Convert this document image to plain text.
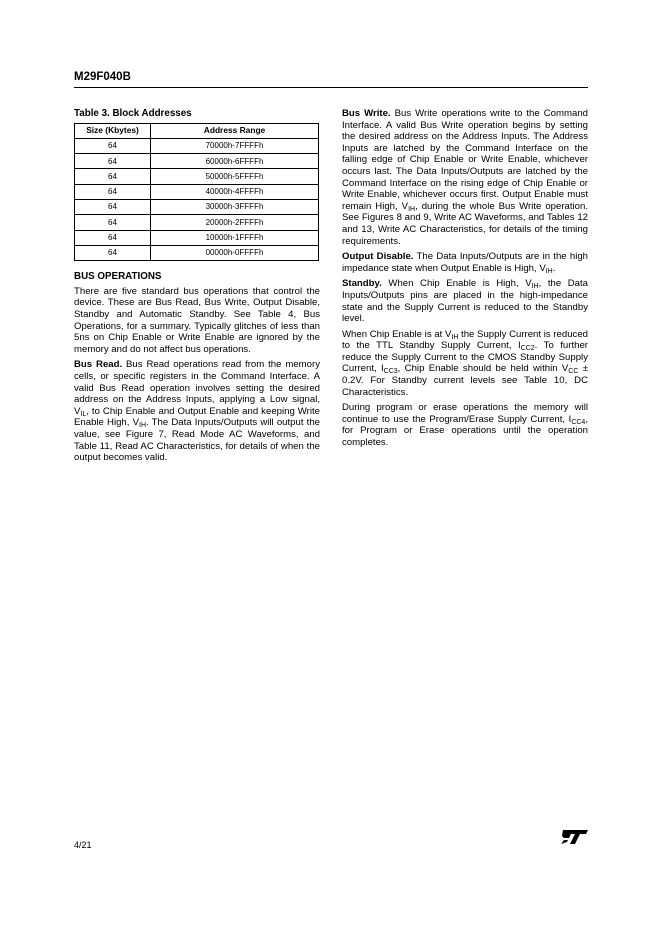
M29F040B
Table 3. Block Addresses
Size (Kbytes)	Address Range
64	70000h-7FFFFh
64	60000h-6FFFFh
64	50000h-5FFFFh
64	40000h-4FFFFh
64	30000h-3FFFFh
64	20000h-2FFFFh
64	10000h-1FFFFh
64	00000h-0FFFFh
BUS OPERATIONS

There are five standard bus operations that control the device. These are Bus Read, Bus Write, Output Disable, Standby and Automatic Standby. See Table 4, Bus Operations, for a summary. Typically glitches of less than 5ns on Chip Enable or Write Enable are ignored by the memory and do not affect bus operations.

Bus Read. Bus Read operations read from the memory cells, or specific registers in the Command Interface. A valid Bus Read operation involves setting the desired address on the Address Inputs, applying a Low signal, $V_{IL}$, to Chip Enable and Output Enable and keeping Write Enable High, $V_{IH}$. The Data Inputs/Outputs will output the value, see Figure 7, Read Mode AC Waveforms, and Table 11, Read AC Characteristics, for details of when the output becomes valid.

Bus Write. Bus Write operations write to the Command Interface. A valid Bus Write operation begins by setting the desired address on the Address Inputs. The Address Inputs are latched by the Command Interface on the falling edge of Chip Enable or Write Enable, whichever occurs last. The Data Inputs/Outputs are latched by the Command Interface on the rising edge of Chip Enable or Write Enable, whichever occurs first. Output Enable must remain High, $V_{IH}$, during the whole Bus Write operation. See Figures 8 and 9, Write AC Waveforms, and Tables 12 and 13, Write AC Characteristics, for details of the timing requirements.

Output Disable. The Data Inputs/Outputs are in the high impedance state when Output Enable is High, $V_{IH}$.

Standby. When Chip Enable is High, $V_{IH}$, the Data Inputs/Outputs pins are placed in the high-impedance state and the Supply Current is reduced to the Standby level.

When Chip Enable is at $V_{IH}$ the Supply Current is reduced to the TTL Standby Supply Current, $I_{CC2}$. To further reduce the Supply Current to the CMOS Standby Supply Current, $I_{CC3}$, Chip Enable should be held within $V_{CC} \pm 0.2V$. For Standby current levels see Table 10, DC Characteristics.

During program or erase operations the memory will continue to use the Program/Erase Supply Current, $I_{CC4}$, for Program or Erase operations until the operation completes.

4/21
